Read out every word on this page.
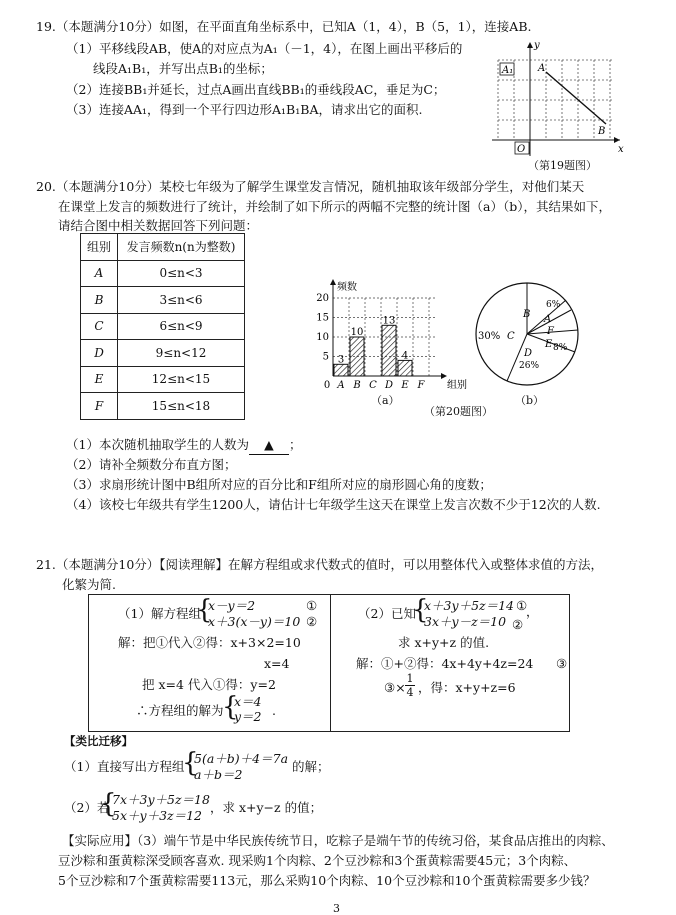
19.（本题满分10分）如图，在平面直角坐标系中，已知A（1，4），B（5，1），连接AB.
（1）平移线段AB，使A的对应点为A₁（－1，4），在图上画出平移后的
线段A₁B₁，并写出点B₁的坐标；
（2）连接BB₁并延长，过点A画出直线BB₁的垂线段AC，垂足为C；
（3）连接AA₁，得到一个平行四边形A₁B₁BA，请求出它的面积.
A₁ A
B
O	x
y
（第19题图）
20.（本题满分10分）某校七年级为了解学生课堂发言情况，随机抽取该年级部分学生，对他们某天
在课堂上发言的频数进行了统计，并绘制了如下所示的两幅不完整的统计图（a）（b），其结果如下，
请结合图中相关数据回答下列问题：
组别	发言频数n(n为整数)
A	0≤n<3
B	3≤n<6
C	6≤n<9
D	9≤n<12
E	12≤n<15
F	15≤n<18
3
10
13
4
5
10
15
20
A B C D E F
0
频数
组别
（a）
（第20题图）
B
6%
A
C
30%	F
E 8%
D
26%
（b）
（1）本次随机抽取学生的人数为 ▲ ；
（2）请补全频数分布直方图；
（3）求扇形统计图中B组所对应的百分比和F组所对应的扇形圆心角的度数；
（4）该校七年级共有学生1200人，请估计七年级学生这天在课堂上发言次数不少于12次的人数.
21.（本题满分10分）【阅读理解】在解方程组或求代数式的值时，可以用整体代入或整体求值的方法，
化繁为简.
（1）解方程组
{
x－y＝2
x＋3(x－y)＝10
①
②
解：把①代入②得：x+3×2=10
x=4
把 x=4 代入①得：y=2
∴方程组的解为
{
x＝4
y＝2 .
（2）已知
{
x＋3y＋5z＝14
3x＋y－z＝10
①
②
，
求 x+y+z 的值.
解：①+②得：4x+4y+4z=24 ③
③× $\frac{1}{4}$ ，得：x+y+z=6
【类比迁移】
（1）直接写出方程组
{
5(a＋b)＋4＝7a
a＋b＝2
的解；
（2）若
{
7x＋3y＋5z＝18
5x＋y＋3z＝12
，求 x+y−z 的值；
【实际应用】（3）端午节是中华民族传统节日，吃粽子是端午节的传统习俗，某食品店推出的肉粽、
豆沙粽和蛋黄粽深受顾客喜欢. 现采购1个肉粽、2个豆沙粽和3个蛋黄粽需要45元；3个肉粽、
5个豆沙粽和7个蛋黄粽需要113元，那么采购10个肉粽、10个豆沙粽和10个蛋黄粽需要多少钱？
3
